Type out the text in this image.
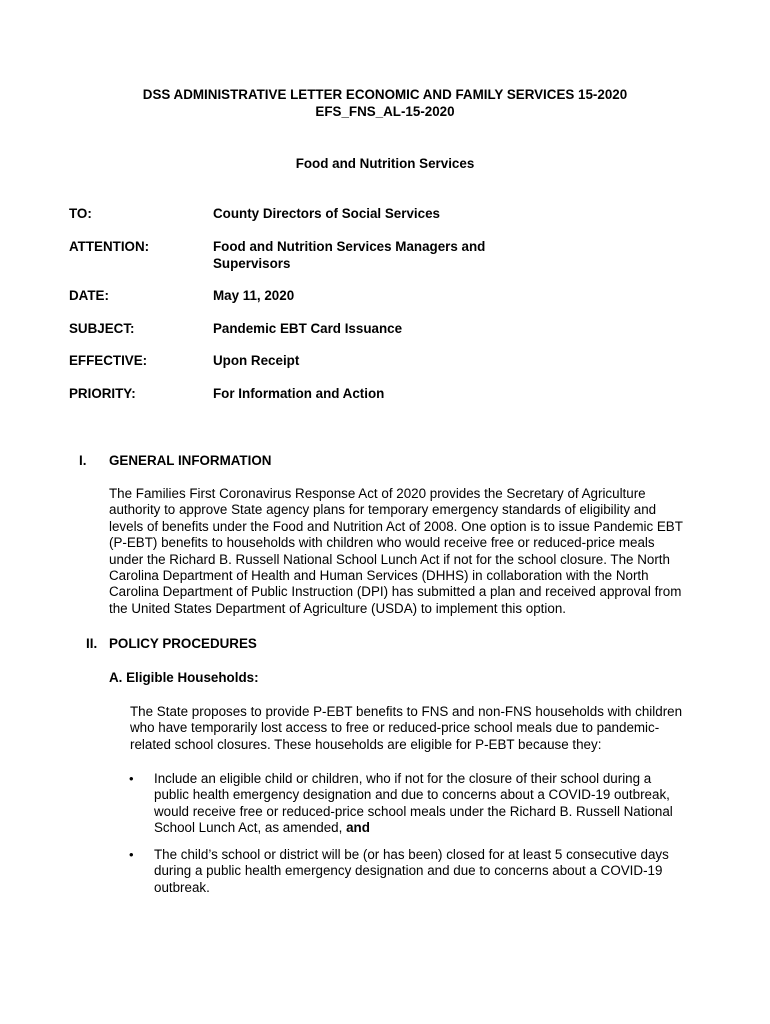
DSS ADMINISTRATIVE LETTER ECONOMIC AND FAMILY SERVICES 15-2020
EFS_FNS_AL-15-2020
Food and Nutrition Services
TO:	County Directors of Social Services
ATTENTION:	Food and Nutrition Services Managers and Supervisors
DATE:	May 11, 2020
SUBJECT:	Pandemic EBT Card Issuance
EFFECTIVE:	Upon Receipt
PRIORITY:	For Information and Action
I. GENERAL INFORMATION

The Families First Coronavirus Response Act of 2020 provides the Secretary of Agriculture

authority to approve State agency plans for temporary emergency standards of eligibility and

levels of benefits under the Food and Nutrition Act of 2008. One option is to issue Pandemic EBT

(P-EBT) benefits to households with children who would receive free or reduced-price meals

under the Richard B. Russell National School Lunch Act if not for the school closure. The North

Carolina Department of Health and Human Services (DHHS) in collaboration with the North

Carolina Department of Public Instruction (DPI) has submitted a plan and received approval from

the United States Department of Agriculture (USDA) to implement this option.

II. POLICY PROCEDURES
A. Eligible Households:

The State proposes to provide P-EBT benefits to FNS and non-FNS households with children

who have temporarily lost access to free or reduced-price school meals due to pandemic-

related school closures. These households are eligible for P-EBT because they:

• Include an eligible child or children, who if not for the closure of their school during a
public health emergency designation and due to concerns about a COVID-19 outbreak,
would receive free or reduced-price school meals under the Richard B. Russell National
School Lunch Act, as amended, and
• The child’s school or district will be (or has been) closed for at least 5 consecutive days
during a public health emergency designation and due to concerns about a COVID-19
outbreak.
